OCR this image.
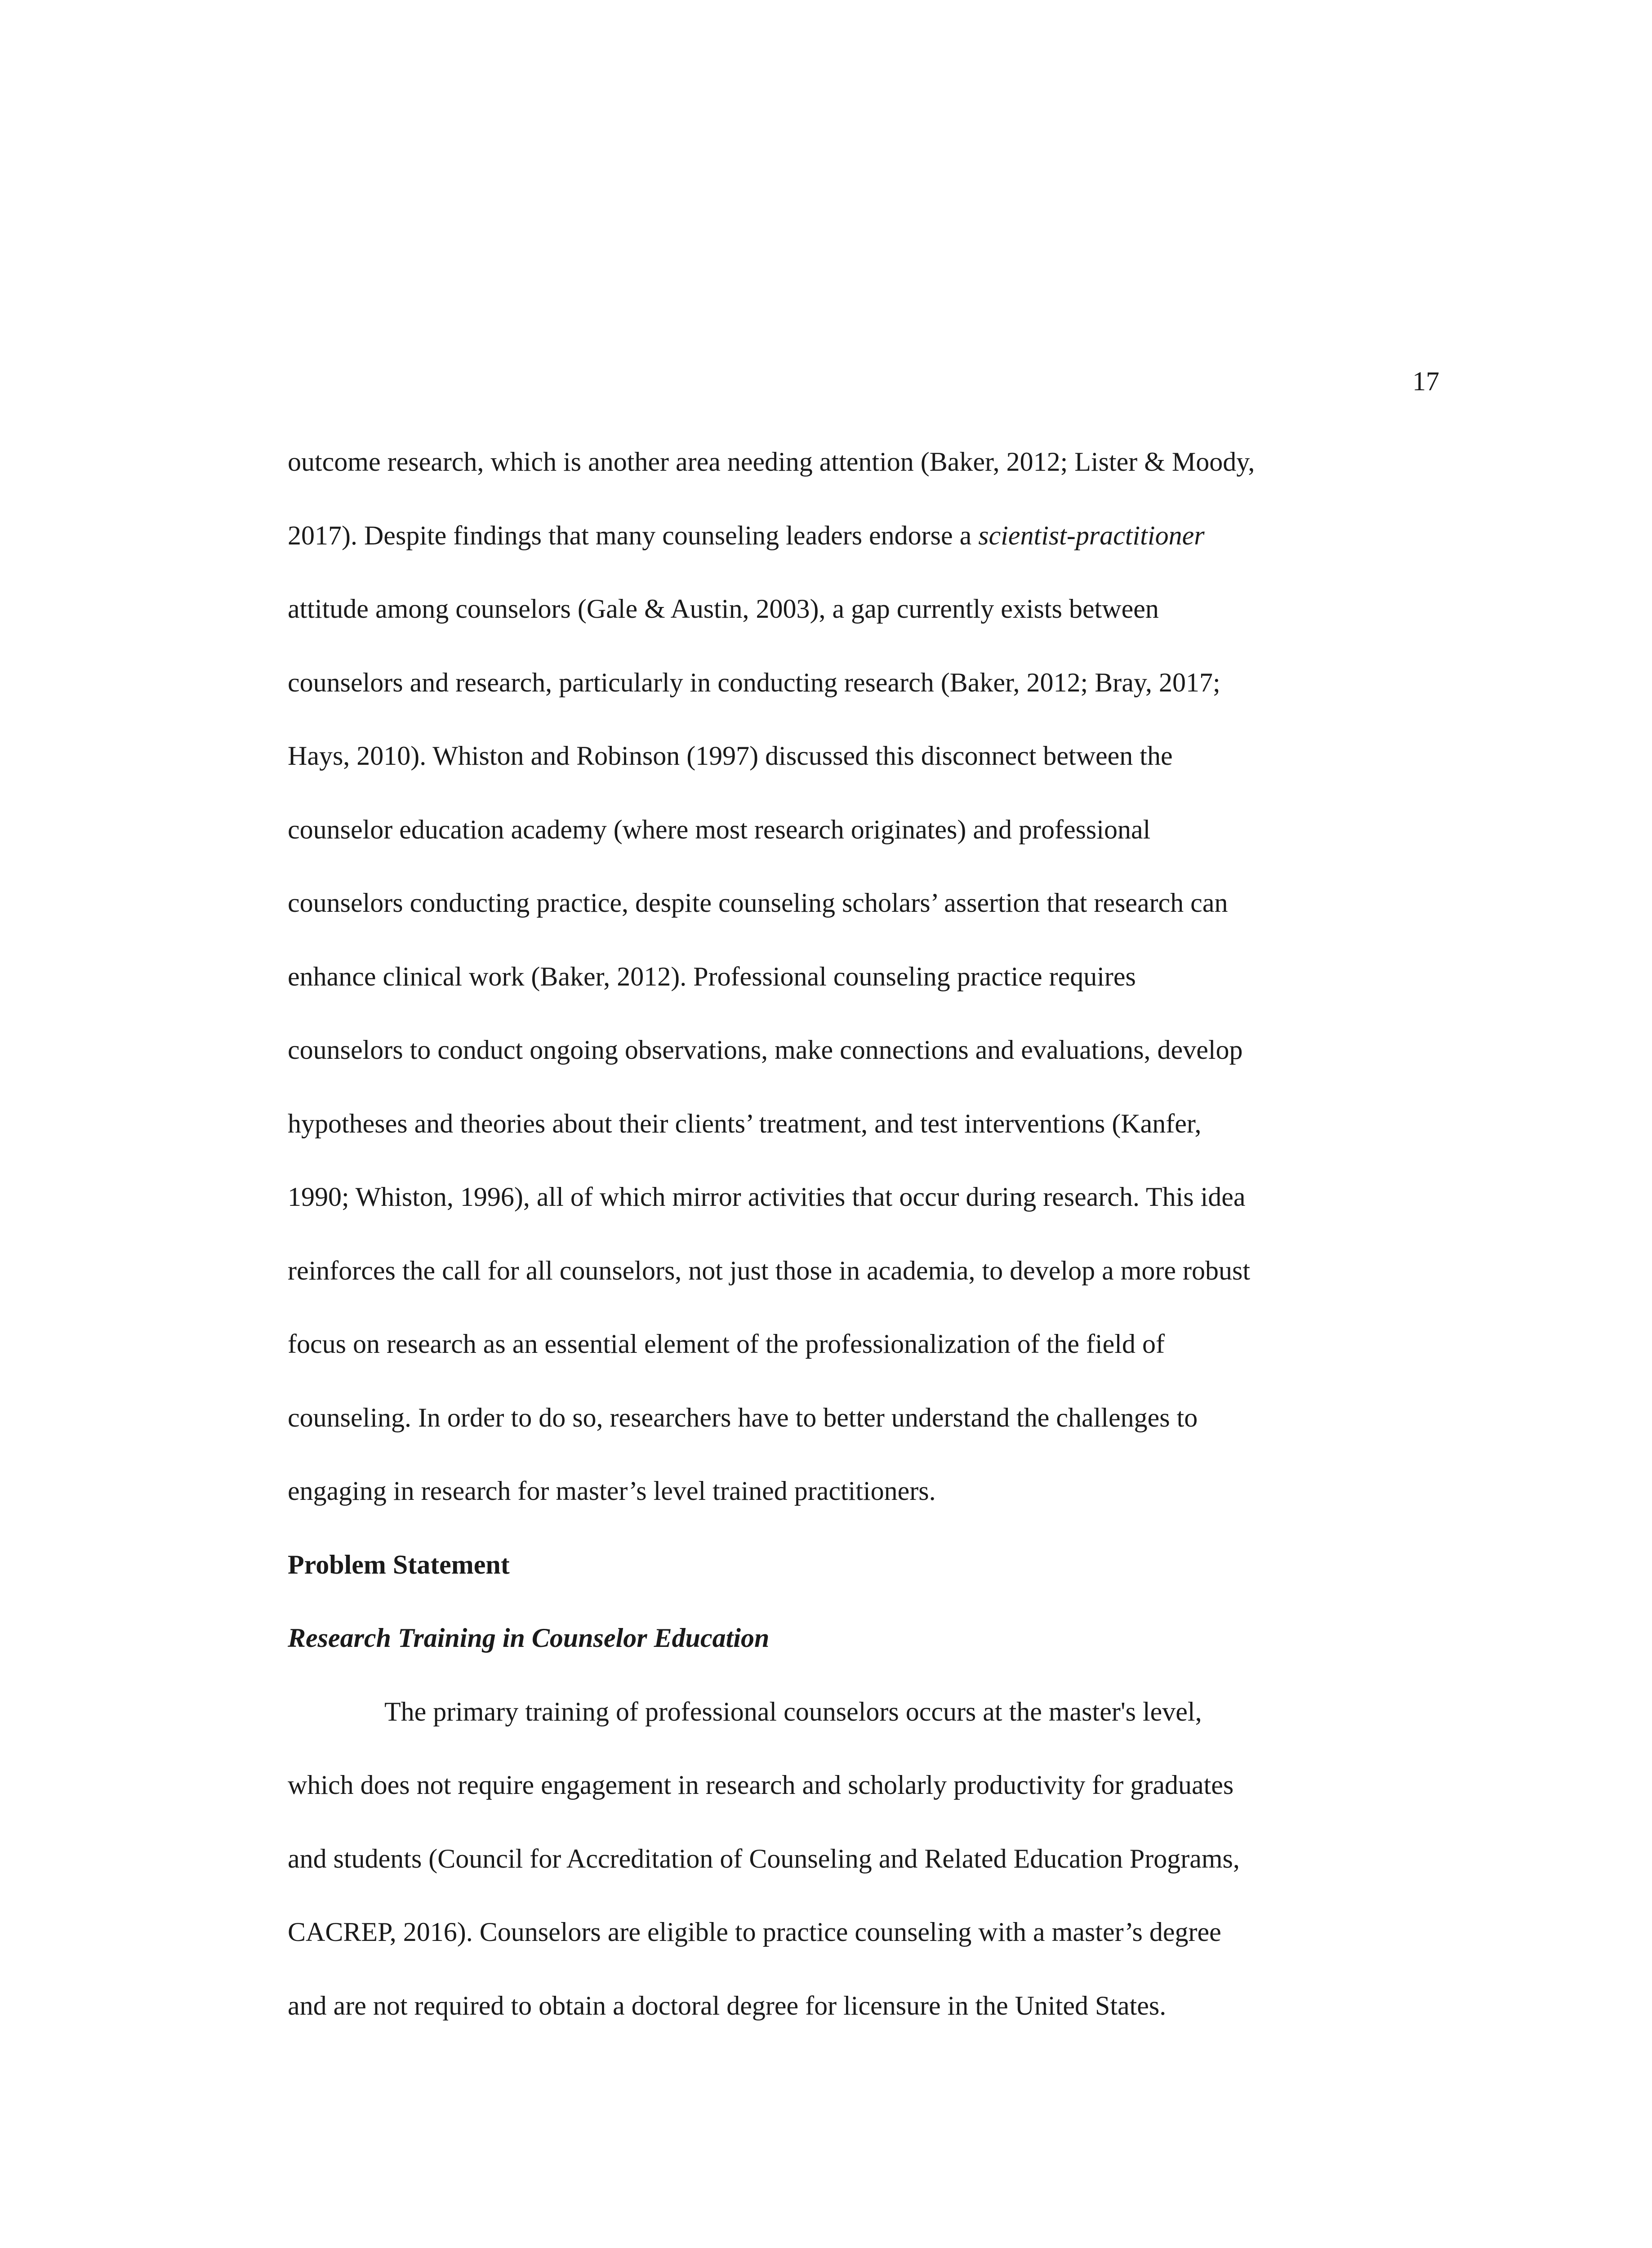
17
outcome research, which is another area needing attention (Baker, 2012; Lister & Moody,
2017). Despite findings that many counseling leaders endorse a scientist-practitioner
attitude among counselors (Gale & Austin, 2003), a gap currently exists between
counselors and research, particularly in conducting research (Baker, 2012; Bray, 2017;
Hays, 2010). Whiston and Robinson (1997) discussed this disconnect between the
counselor education academy (where most research originates) and professional
counselors conducting practice, despite counseling scholars’ assertion that research can
enhance clinical work (Baker, 2012). Professional counseling practice requires
counselors to conduct ongoing observations, make connections and evaluations, develop
hypotheses and theories about their clients’ treatment, and test interventions (Kanfer,
1990; Whiston, 1996), all of which mirror activities that occur during research. This idea
reinforces the call for all counselors, not just those in academia, to develop a more robust
focus on research as an essential element of the professionalization of the field of
counseling. In order to do so, researchers have to better understand the challenges to
engaging in research for master’s level trained practitioners.
Problem Statement
Research Training in Counselor Education
The primary training of professional counselors occurs at the master's level,
which does not require engagement in research and scholarly productivity for graduates
and students (Council for Accreditation of Counseling and Related Education Programs,
CACREP, 2016). Counselors are eligible to practice counseling with a master’s degree
and are not required to obtain a doctoral degree for licensure in the United States.
